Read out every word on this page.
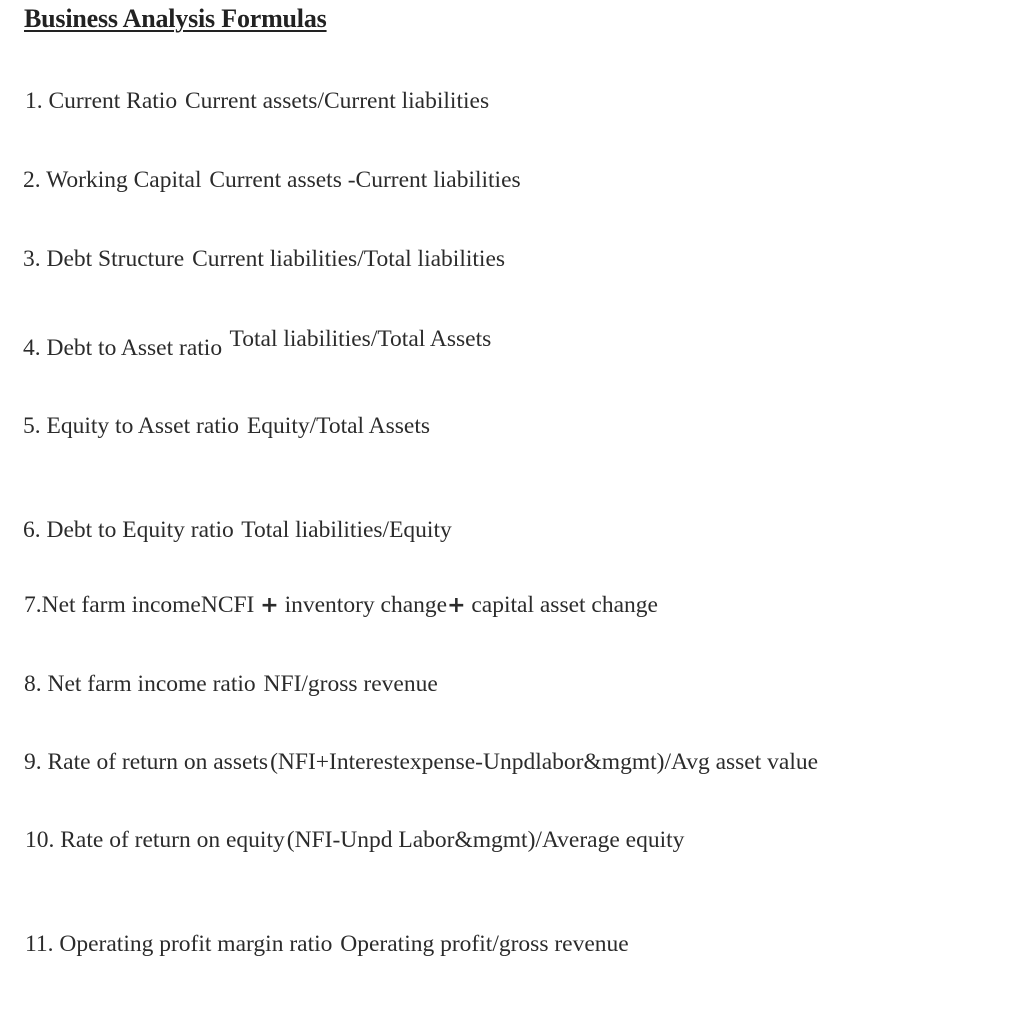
Business Analysis Formulas
1. Current Ratio Current assets/Current liabilities
2. Working Capital Current assets -Current liabilities
3. Debt Structure Current liabilities/Total liabilities
4. Debt to Asset ratio Total liabilities/Total Assets
5. Equity to Asset ratio Equity/Total Assets
6. Debt to Equity ratio Total liabilities/Equity
7.Net farm incomeNCFI + inventory change+ capital asset change
8. Net farm income ratio NFI/gross revenue
9. Rate of return on assets(NFI+Interestexpense-Unpdlabor&mgmt)/Avg asset value
10. Rate of return on equity(NFI-Unpd Labor&mgmt)/Average equity
11. Operating profit margin ratio Operating profit/gross revenue
